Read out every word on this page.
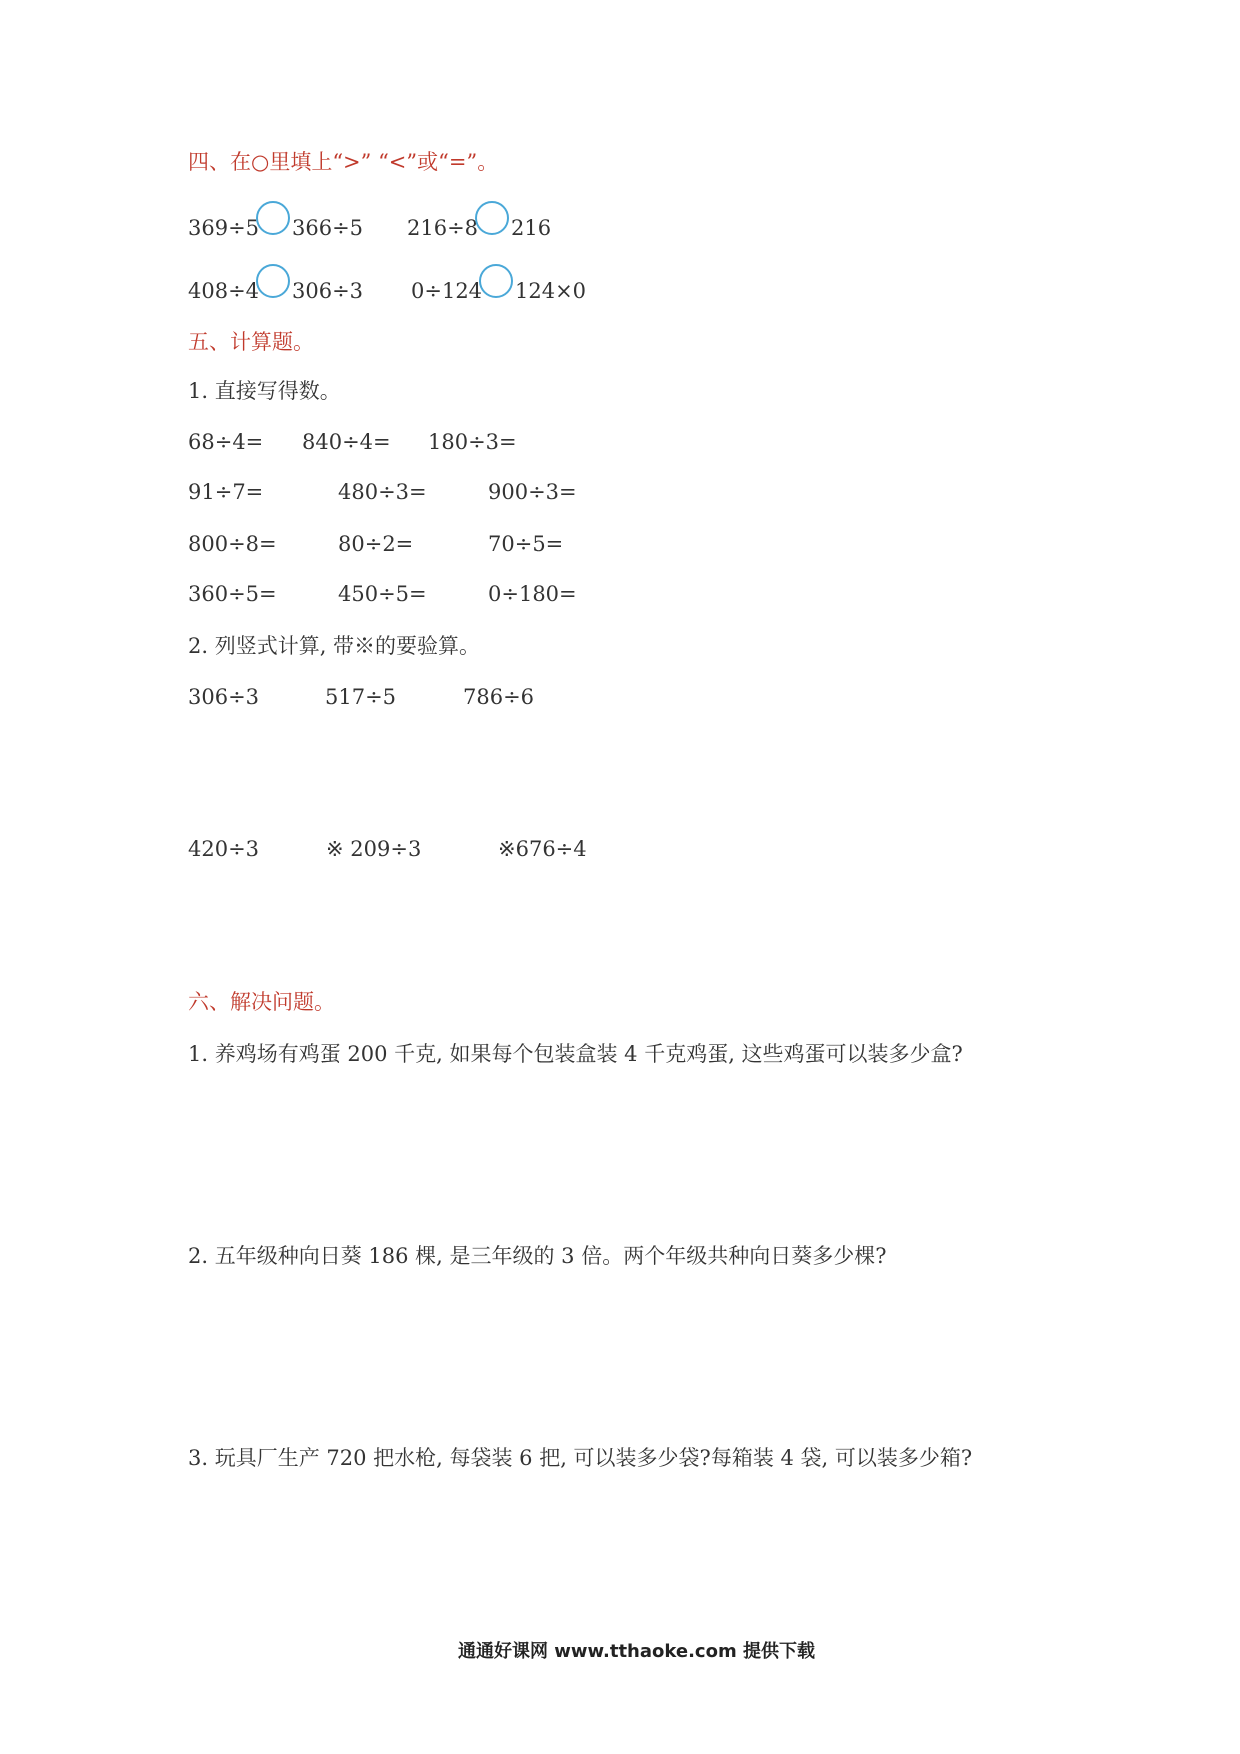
四、在○里填上“>” “<”或“=”。
369÷5 366÷5 216÷8 216
408÷4 306÷3 0÷124 124×0
五、计算题。
1. 直接写得数。
68÷4= 840÷4= 180÷3=
91÷7=	480÷3=	900÷3=
800÷8=	80÷2=	70÷5=
360÷5=	450÷5=	0÷180=
2. 列竖式计算, 带※的要验算。
306÷3	517÷5	786÷6
420÷3	※ 209÷3	※676÷4
六、解决问题。
1. 养鸡场有鸡蛋 200 千克, 如果每个包装盒装 4 千克鸡蛋, 这些鸡蛋可以装多少盒?
2. 五年级种向日葵 186 棵, 是三年级的 3 倍。两个年级共种向日葵多少棵?
3. 玩具厂生产 720 把水枪, 每袋装 6 把, 可以装多少袋?每箱装 4 袋, 可以装多少箱?
通通好课网 www.tthaoke.com 提供下载
